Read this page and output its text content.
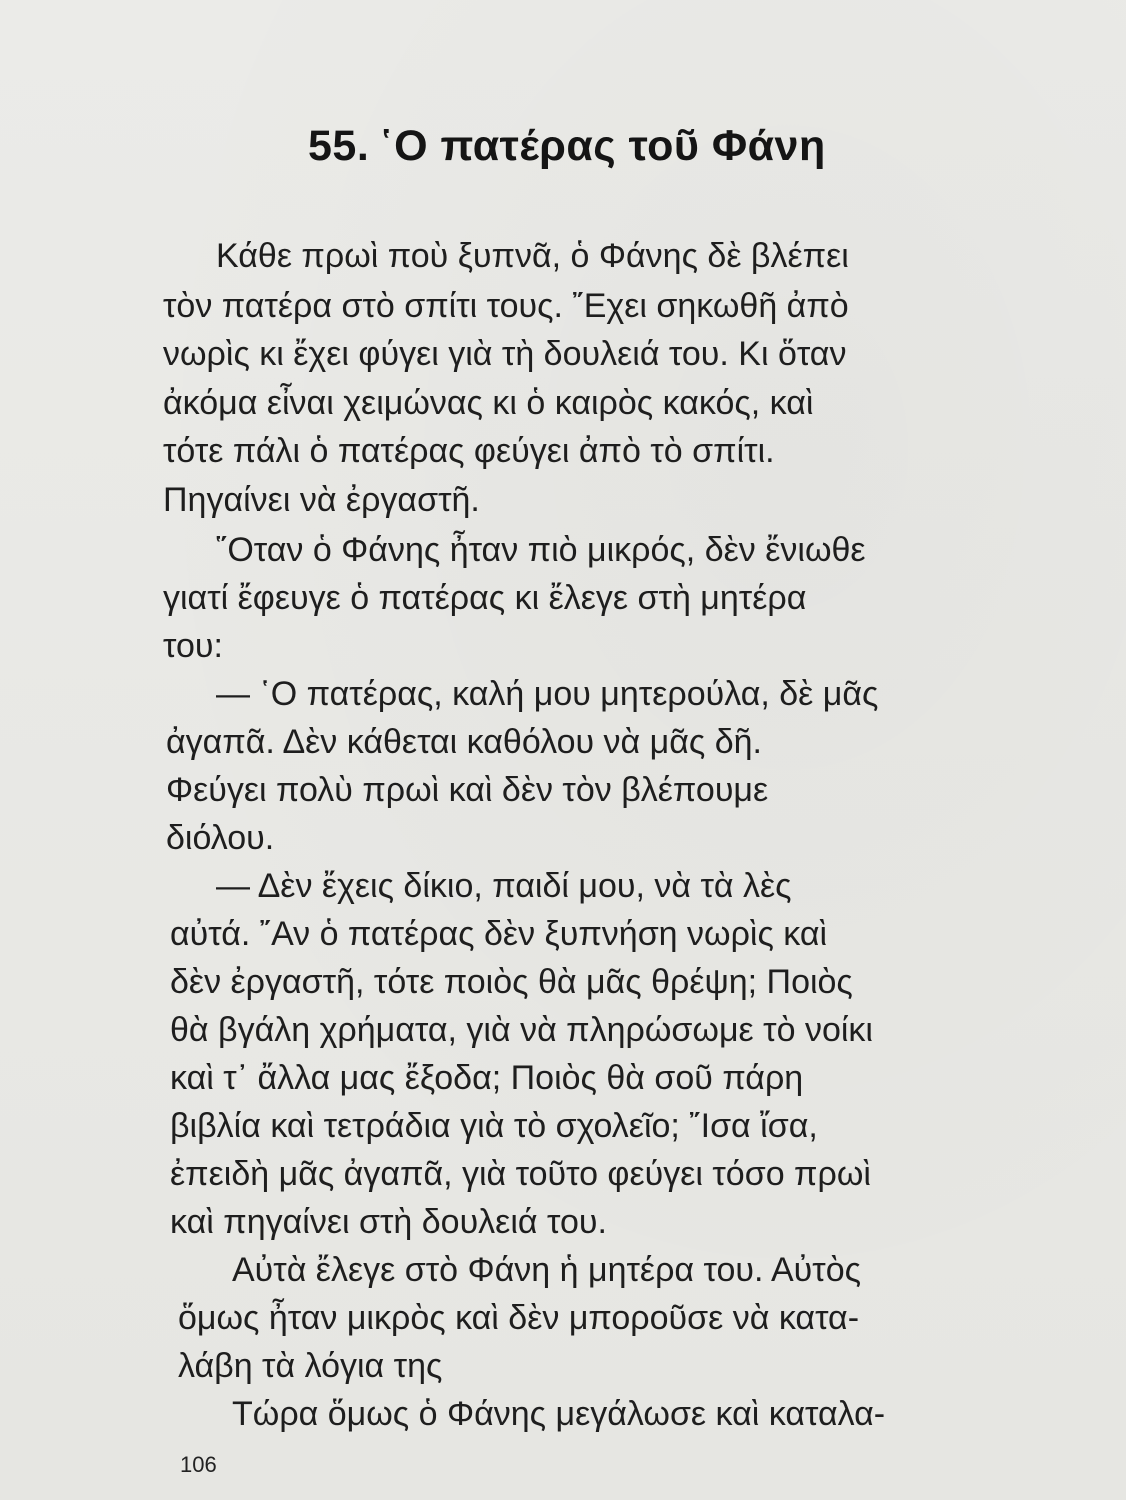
55. ῾Ο πατέρας τοῦ Φάνη
Κάθε πρωὶ ποὺ ξυπνᾶ, ὁ Φάνης δὲ βλέπει
τὸν πατέρα στὸ σπίτι τους. ῎Εχει σηκωθῆ ἀπὸ
νωρὶς κι ἔχει φύγει γιὰ τὴ δουλειά του. Κι ὅταν
ἀκόμα εἶναι χειμώνας κι ὁ καιρὸς κακός, καὶ
τότε πάλι ὁ πατέρας φεύγει ἀπὸ τὸ σπίτι.
Πηγαίνει νὰ ἐργαστῆ.
῞Οταν ὁ Φάνης ἦταν πιὸ μικρός, δὲν ἔνιωθε
γιατί ἔφευγε ὁ πατέρας κι ἔλεγε στὴ μητέρα
του:
— ῾Ο πατέρας, καλή μου μητερούλα, δὲ μᾶς
ἀγαπᾶ. Δὲν κάθεται καθόλου νὰ μᾶς δῆ.
Φεύγει πολὺ πρωὶ καὶ δὲν τὸν βλέπουμε
διόλου.
— Δὲν ἔχεις δίκιο, παιδί μου, νὰ τὰ λὲς
αὐτά. ῎Αν ὁ πατέρας δὲν ξυπνήση νωρὶς καὶ
δὲν ἐργαστῆ, τότε ποιὸς θὰ μᾶς θρέψη; Ποιὸς
θὰ βγάλη χρήματα, γιὰ νὰ πληρώσωμε τὸ νοίκι
καὶ τ᾽ ἄλλα μας ἔξοδα; Ποιὸς θὰ σοῦ πάρη
βιβλία καὶ τετράδια γιὰ τὸ σχολεῖο; ῎Ισα ἴσα,
ἐπειδὴ μᾶς ἀγαπᾶ, γιὰ τοῦτο φεύγει τόσο πρωὶ
καὶ πηγαίνει στὴ δουλειά του.
Αὐτὰ ἔλεγε στὸ Φάνη ἡ μητέρα του. Αὐτὸς
ὅμως ἦταν μικρὸς καὶ δὲν μποροῦσε νὰ κατα-
λάβη τὰ λόγια της
Τώρα ὅμως ὁ Φάνης μεγάλωσε καὶ καταλα-
106
